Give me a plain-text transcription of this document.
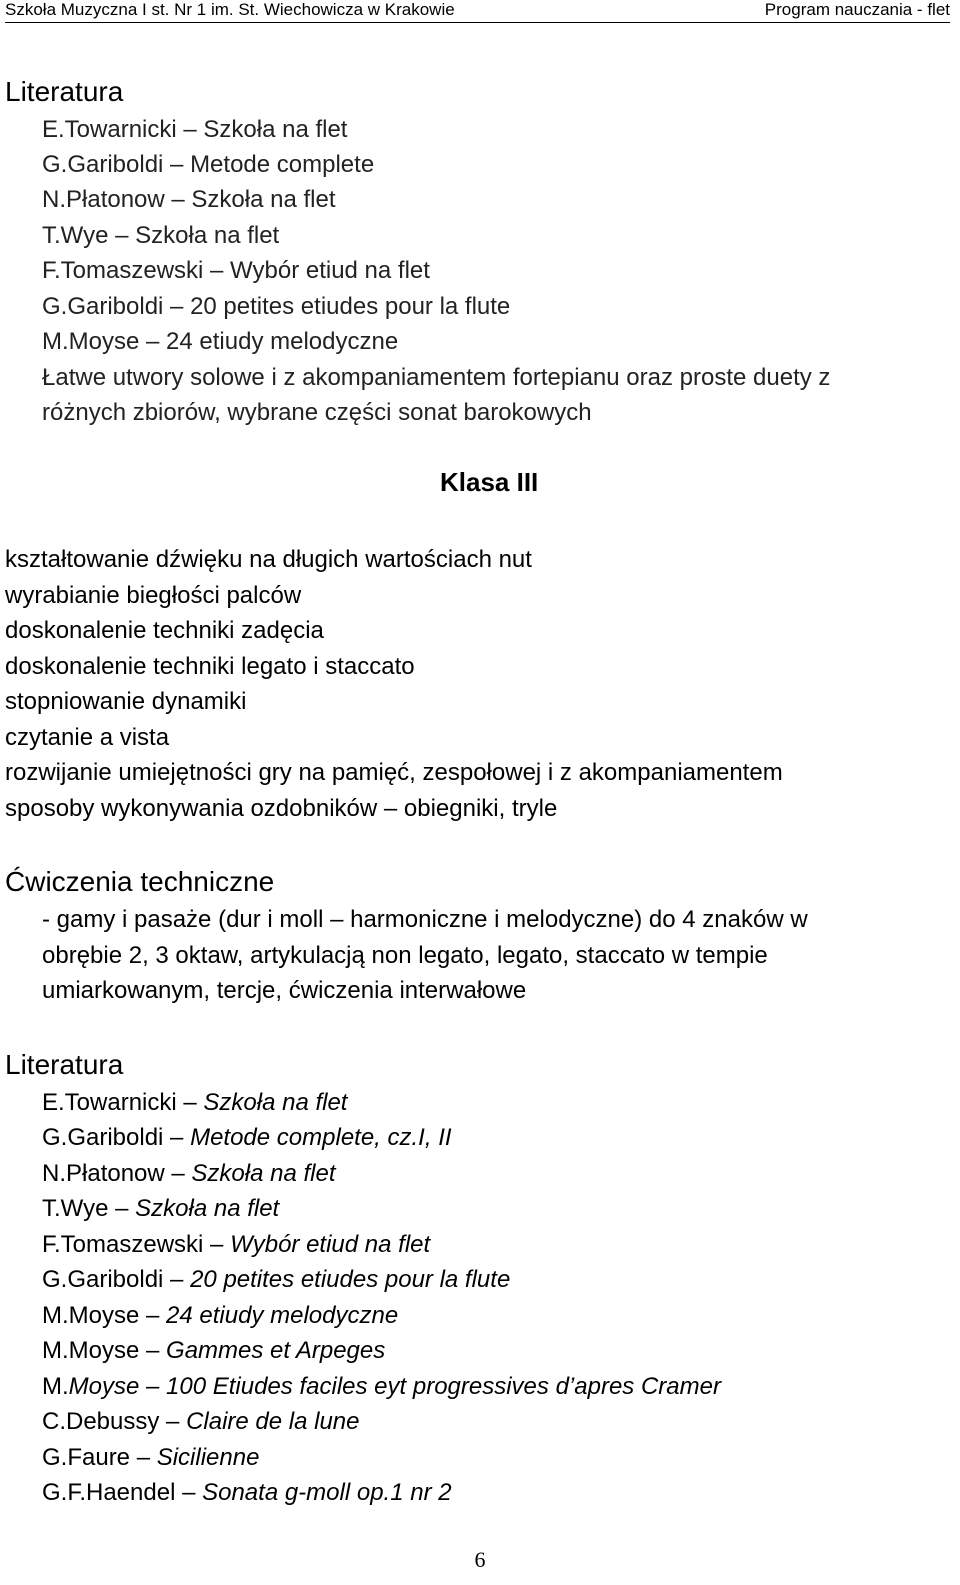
Szkoła Muzyczna I st. Nr 1 im. St. Wiechowicza w Krakowie	Program nauczania - flet
Literatura
E.Towarnicki – Szkoła na flet
G.Gariboldi – Metode complete
N.Płatonow – Szkoła na flet
T.Wye – Szkoła na flet
F.Tomaszewski – Wybór etiud na flet
G.Gariboldi – 20 petites etiudes pour la flute
M.Moyse – 24 etiudy melodyczne
Łatwe utwory solowe i z akompaniamentem fortepianu oraz proste duety z
różnych zbiorów, wybrane części sonat barokowych
Klasa III
kształtowanie dźwięku na długich wartościach nut
wyrabianie biegłości palców
doskonalenie techniki zadęcia
doskonalenie techniki legato i staccato
stopniowanie dynamiki
czytanie a vista
rozwijanie umiejętności gry na pamięć, zespołowej i z akompaniamentem
sposoby wykonywania ozdobników – obiegniki, tryle
Ćwiczenia techniczne
- gamy i pasaże (dur i moll – harmoniczne i melodyczne) do 4 znaków w
obrębie 2, 3 oktaw, artykulacją non legato, legato, staccato w tempie
umiarkowanym, tercje, ćwiczenia interwałowe
Literatura
E.Towarnicki – Szkoła na flet
G.Gariboldi – Metode complete, cz.I, II
N.Płatonow – Szkoła na flet
T.Wye – Szkoła na flet
F.Tomaszewski – Wybór etiud na flet
G.Gariboldi – 20 petites etiudes pour la flute
M.Moyse – 24 etiudy melodyczne
M.Moyse – Gammes et Arpeges
M.Moyse – 100 Etiudes faciles eyt progressives d’apres Cramer
C.Debussy – Claire de la lune
G.Faure – Sicilienne
G.F.Haendel – Sonata g-moll op.1 nr 2
6
